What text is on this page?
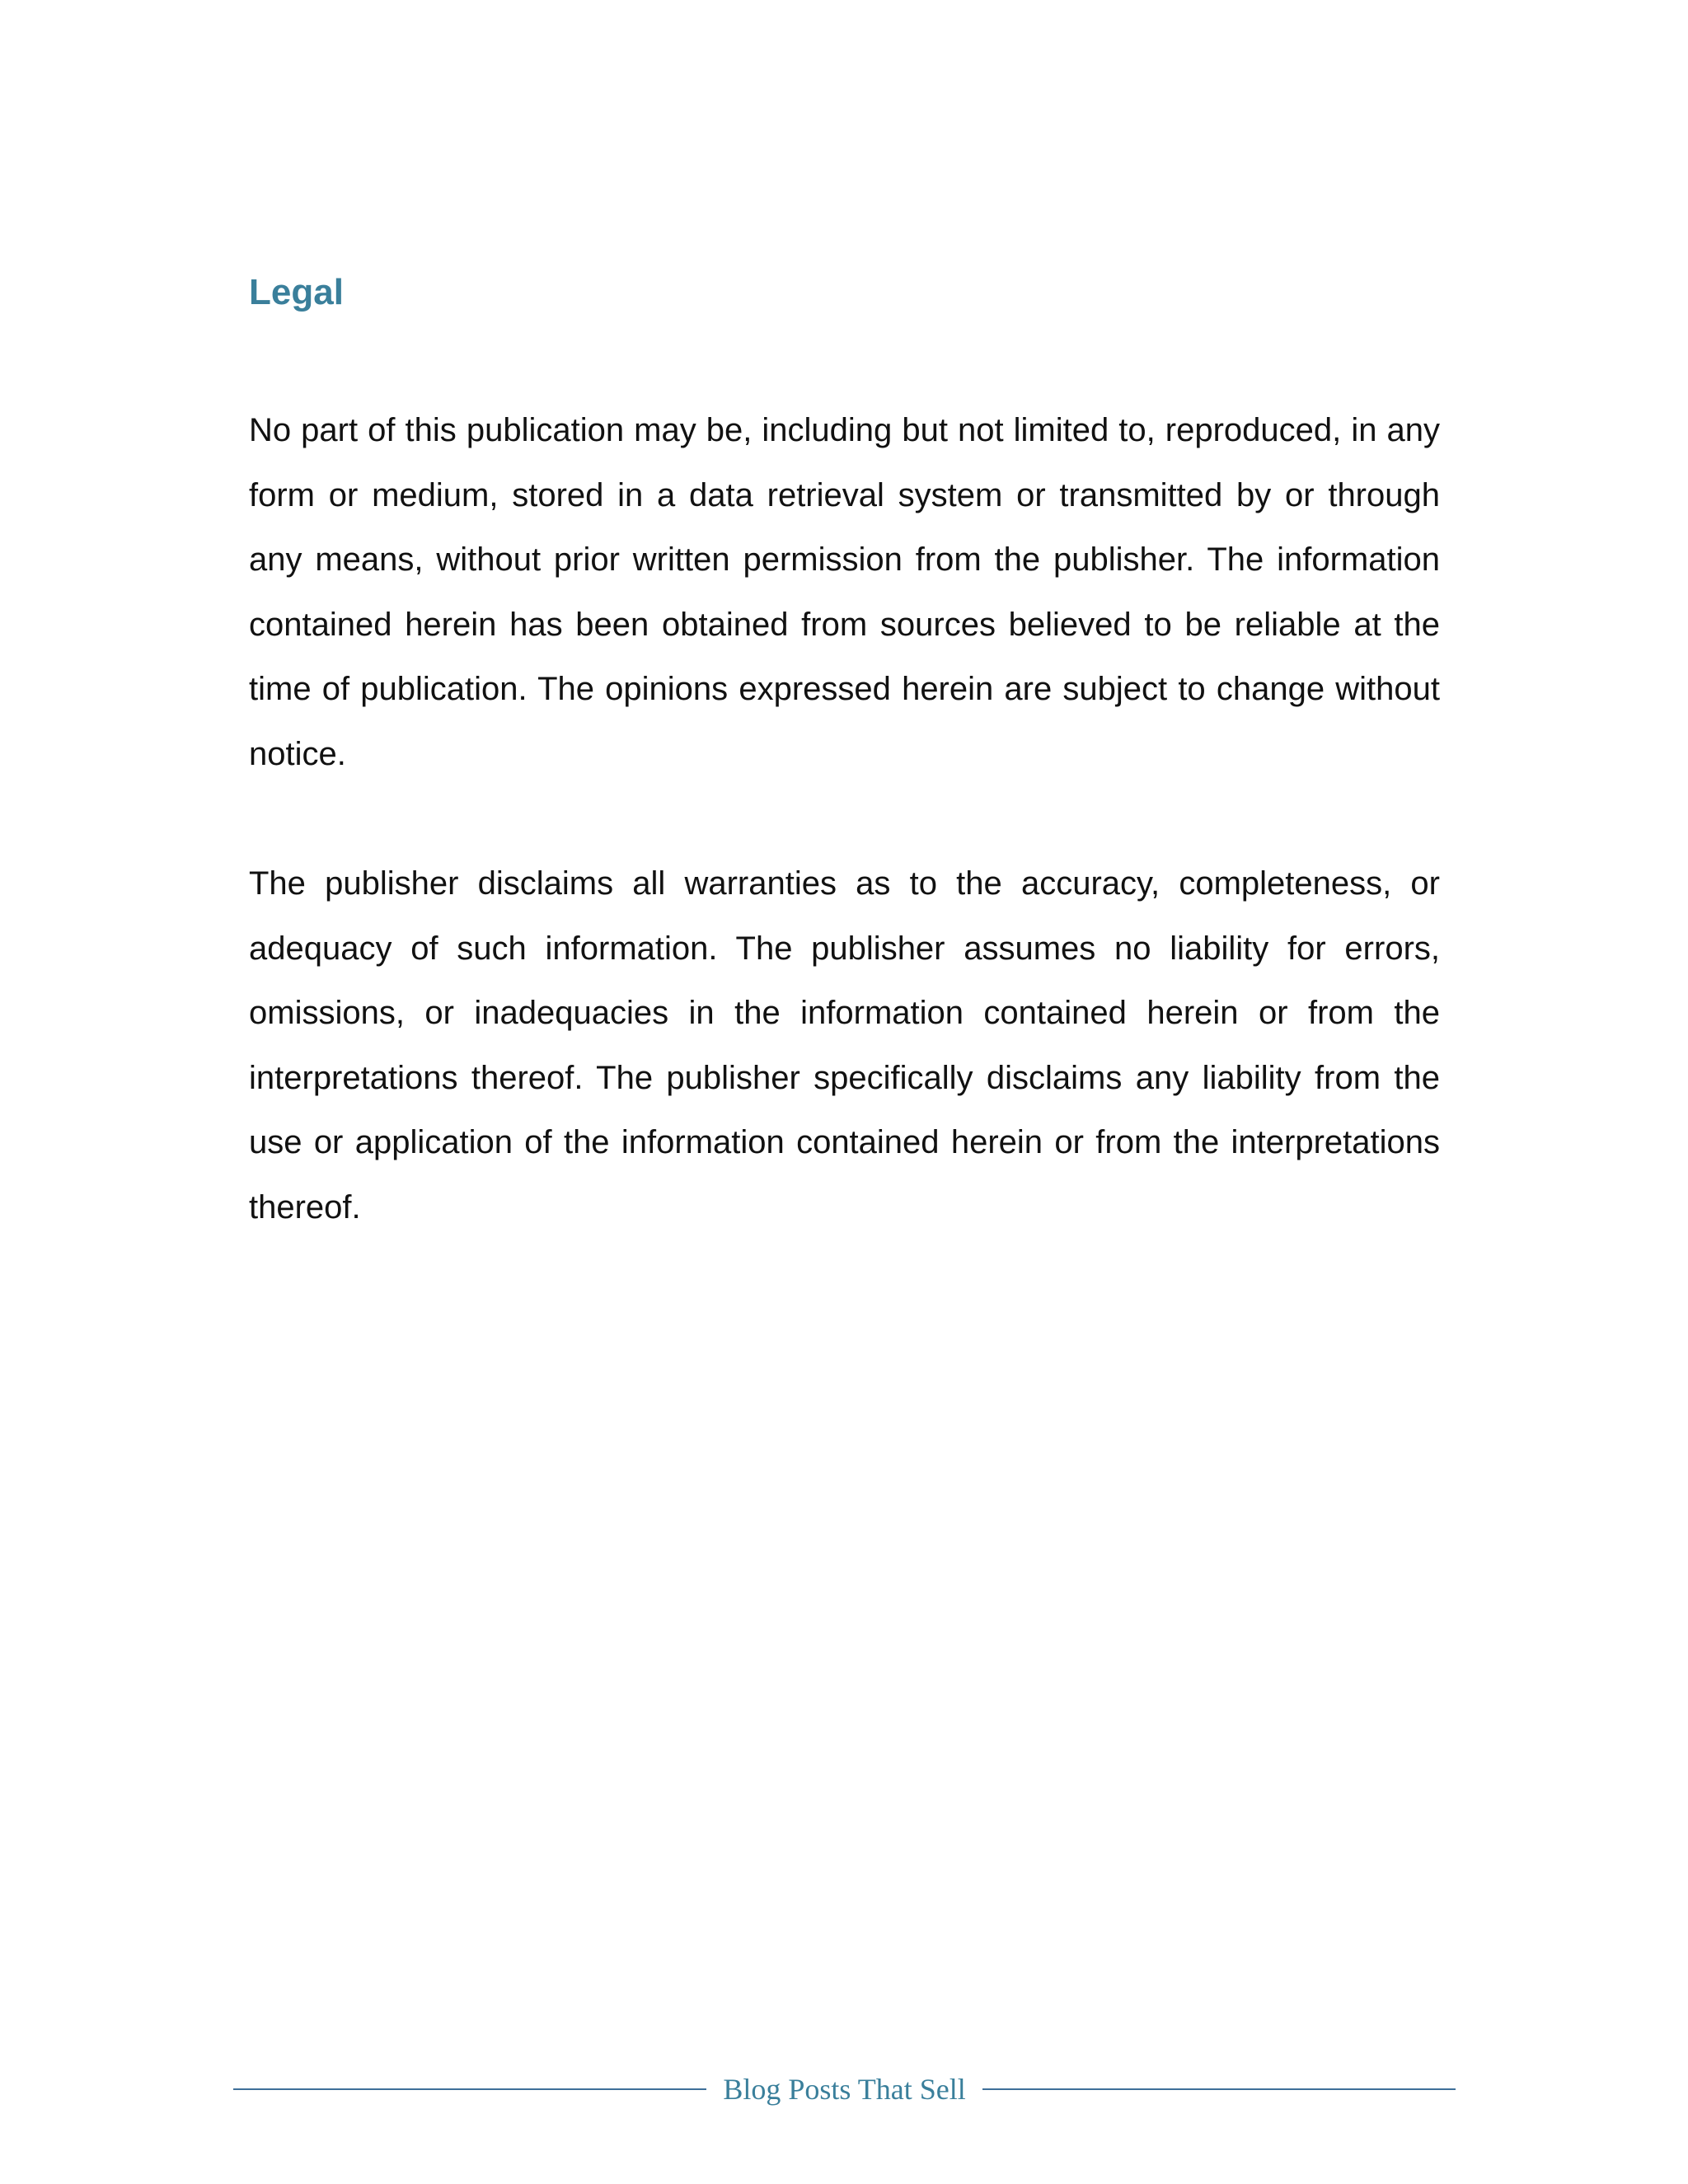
Legal

No part of this publication may be, including but not limited to, reproduced, in any form or medium, stored in a data retrieval system or transmitted by or through any means, without prior written permission from the publisher. The information contained herein has been obtained from sources believed to be reliable at the time of publication. The opinions expressed herein are subject to change without notice.

The publisher disclaims all warranties as to the accuracy, completeness, or adequacy of such information. The publisher assumes no liability for errors, omissions, or inadequacies in the information contained herein or from the interpretations thereof. The publisher specifically disclaims any liability from the use or application of the information contained herein or from the interpretations thereof.

Blog Posts That Sell
